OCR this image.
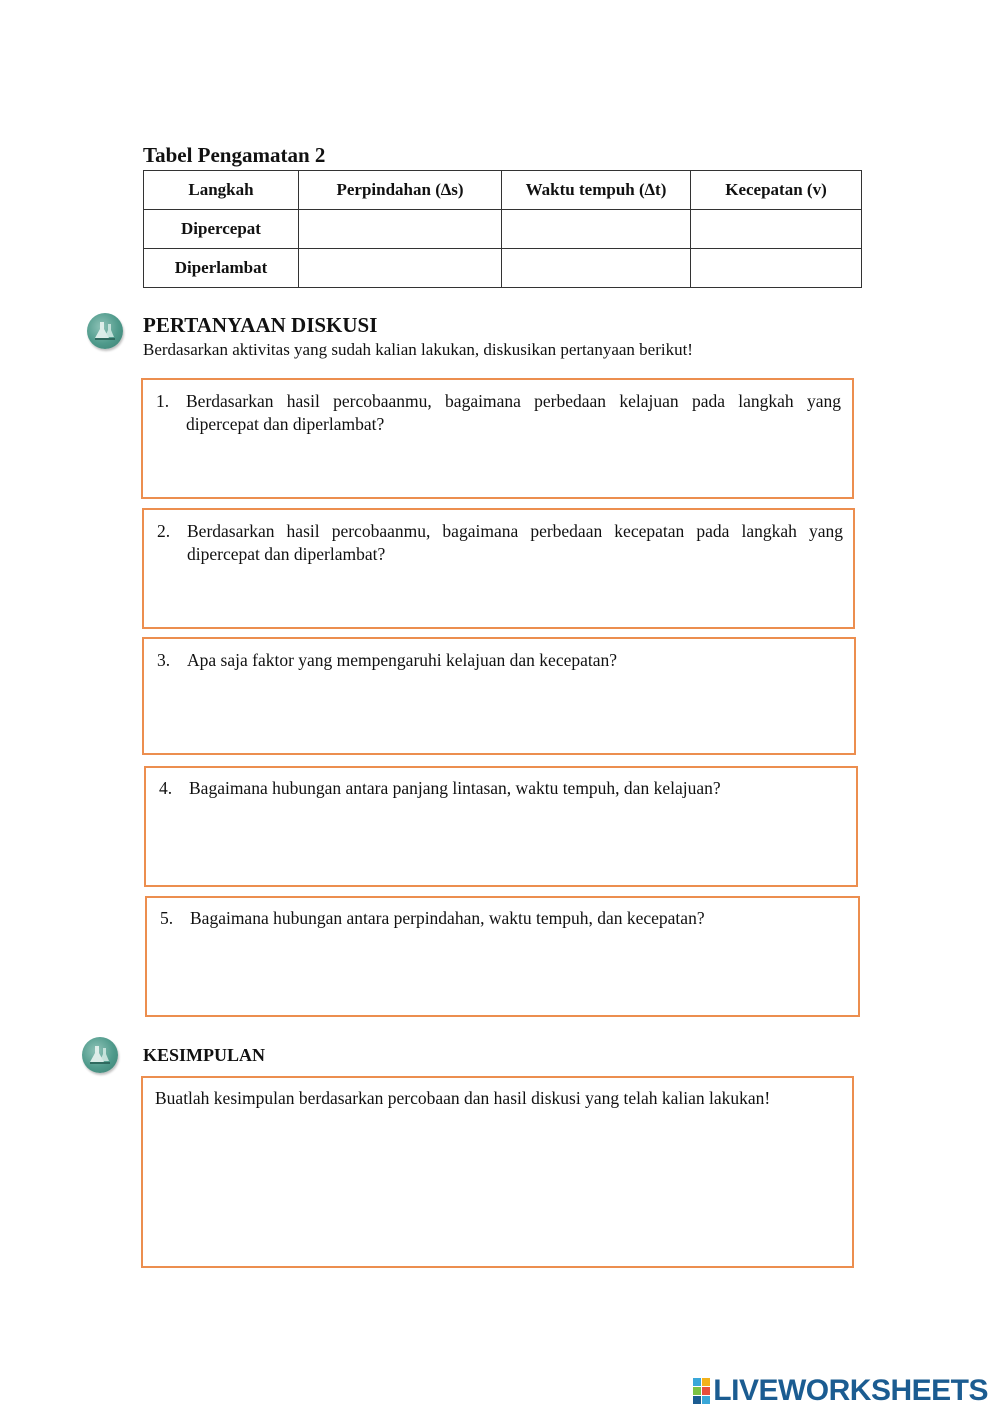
Tabel Pengamatan 2
Langkah	Perpindahan (∆s)	Waktu tempuh (∆t)	Kecepatan (v)
Dipercepat			
Diperlambat			
PERTANYAAN DISKUSI
Berdasarkan aktivitas yang sudah kalian lakukan, diskusikan pertanyaan berikut!
1. Berdasarkan hasil percobaanmu, bagaimana perbedaan kelajuan pada langkah yang dipercepat dan diperlambat?
2. Berdasarkan hasil percobaanmu, bagaimana perbedaan kecepatan pada langkah yang dipercepat dan diperlambat?
3. Apa saja faktor yang mempengaruhi kelajuan dan kecepatan?
4. Bagaimana hubungan antara panjang lintasan, waktu tempuh, dan kelajuan?
5. Bagaimana hubungan antara perpindahan, waktu tempuh, dan kecepatan?
KESIMPULAN
Buatlah kesimpulan berdasarkan percobaan dan hasil diskusi yang telah kalian lakukan!
LIVEWORKSHEETS
